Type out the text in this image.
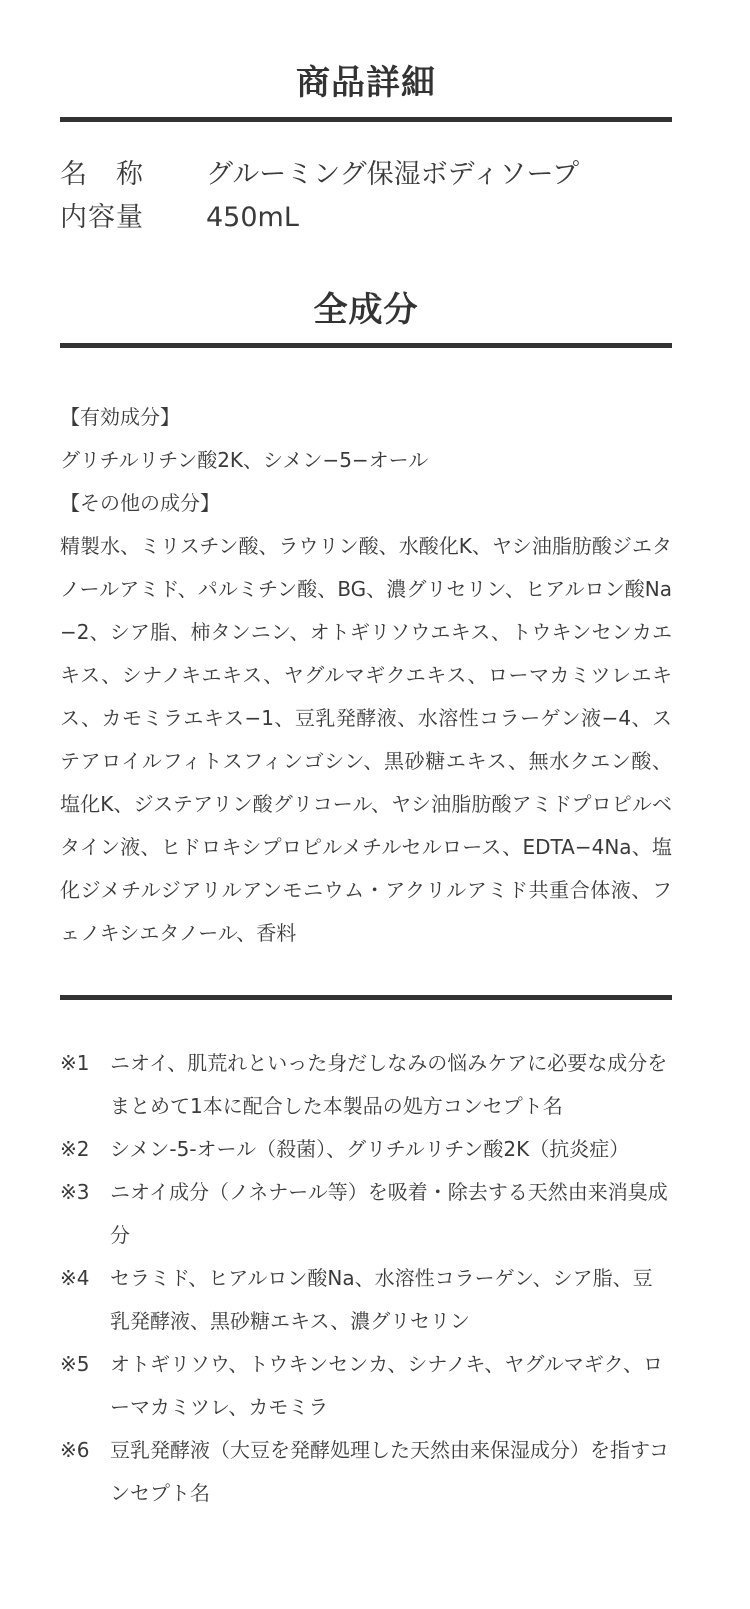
商品詳細
名　称 グルーミング保湿ボディソープ
内容量 450mL
全成分
【有効成分】
グリチルリチン酸2K、シメン−5−オール
【その他の成分】
精製水、ミリスチン酸、ラウリン酸、水酸化K、ヤシ油脂肪酸ジエタノールアミド、パルミチン酸、BG、濃グリセリン、ヒアルロン酸Na−2、シア脂、柿タンニン、オトギリソウエキス、トウキンセンカエキス、シナノキエキス、ヤグルマギクエキス、ローマカミツレエキス、カモミラエキス−1、豆乳発酵液、水溶性コラーゲン液−4、ステアロイルフィトスフィンゴシン、黒砂糖エキス、無水クエン酸、塩化K、ジステアリン酸グリコール、ヤシ油脂肪酸アミドプロピルベタイン液、ヒドロキシプロピルメチルセルロース、EDTA−4Na、塩化ジメチルジアリルアンモニウム・アクリルアミド共重合体液、フェノキシエタノール、香料
※1	ニオイ、肌荒れといった身だしなみの悩みケアに必要な成分をまとめて1本に配合した本製品の処方コンセプト名
※2	シメン-5-オール（殺菌）、グリチルリチン酸2K（抗炎症）
※3	ニオイ成分（ノネナール等）を吸着・除去する天然由来消臭成分
※4	セラミド、ヒアルロン酸Na、水溶性コラーゲン、シア脂、豆乳発酵液、黒砂糖エキス、濃グリセリン
※5	オトギリソウ、トウキンセンカ、シナノキ、ヤグルマギク、ローマカミツレ、カモミラ
※6	豆乳発酵液（大豆を発酵処理した天然由来保湿成分）を指すコンセプト名
